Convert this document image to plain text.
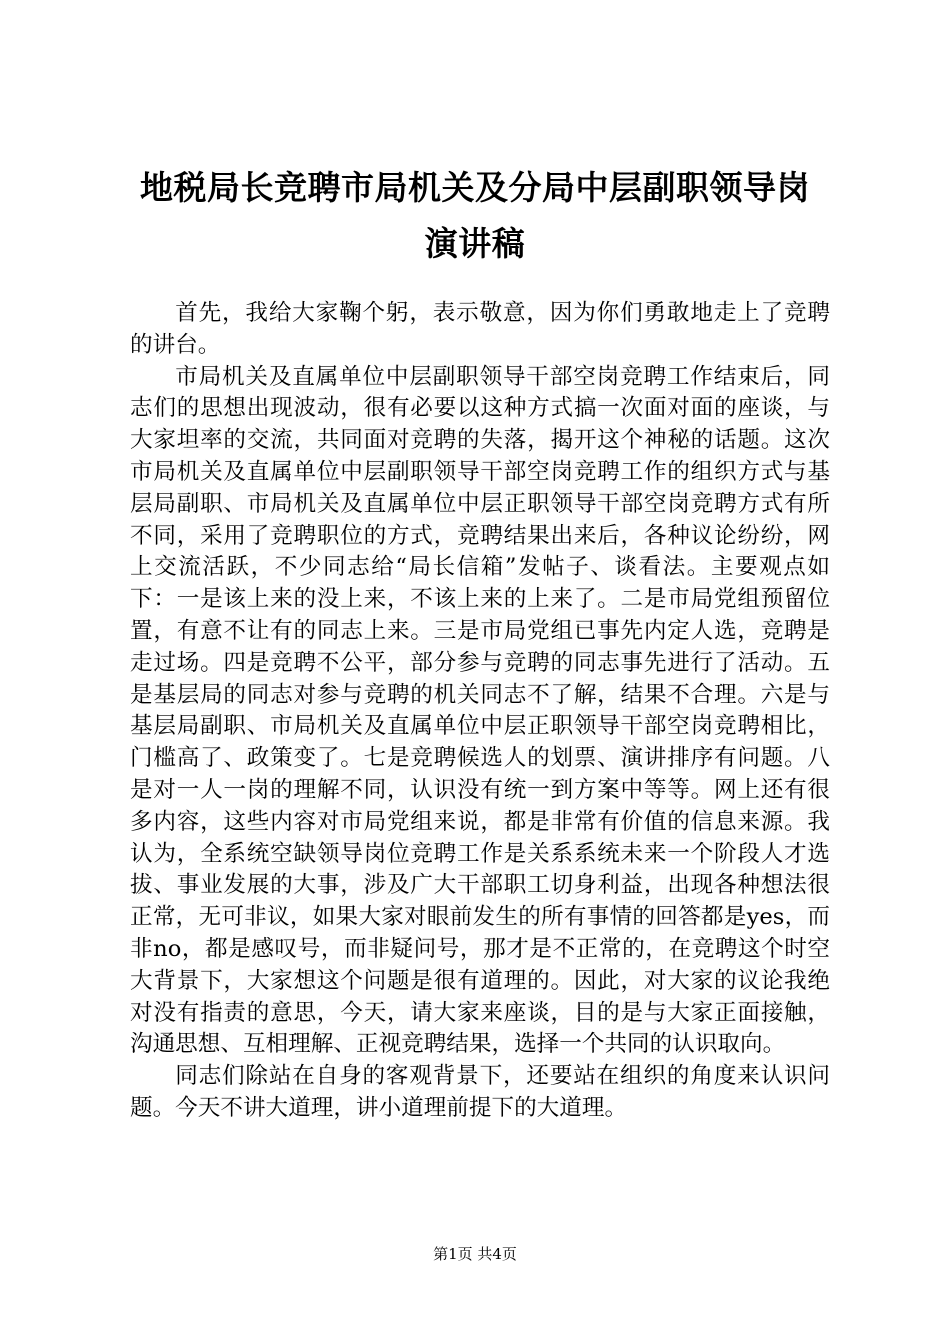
地税局长竞聘市局机关及分局中层副职领导岗
演讲稿

首先，我给大家鞠个躬，表示敬意，因为你们勇敢地走上了竞聘的讲台。

市局机关及直属单位中层副职领导干部空岗竞聘工作结束后，同志们的思想出现波动，很有必要以这种方式搞一次面对面的座谈，与大家坦率的交流，共同面对竞聘的失落，揭开这个神秘的话题。这次市局机关及直属单位中层副职领导干部空岗竞聘工作的组织方式与基层局副职、市局机关及直属单位中层正职领导干部空岗竞聘方式有所不同，采用了竞聘职位的方式，竞聘结果出来后，各种议论纷纷，网上交流活跃，不少同志给“局长信箱”发帖子、谈看法。主要观点如下：一是该上来的没上来，不该上来的上来了。二是市局党组预留位置，有意不让有的同志上来。三是市局党组已事先内定人选，竞聘是走过场。四是竞聘不公平，部分参与竞聘的同志事先进行了活动。五是基层局的同志对参与竞聘的机关同志不了解，结果不合理。六是与基层局副职、市局机关及直属单位中层正职领导干部空岗竞聘相比，门槛高了、政策变了。七是竞聘候选人的划票、演讲排序有问题。八是对一人一岗的理解不同，认识没有统一到方案中等等。网上还有很多内容，这些内容对市局党组来说，都是非常有价值的信息来源。我认为，全系统空缺领导岗位竞聘工作是关系系统未来一个阶段人才选拔、事业发展的大事，涉及广大干部职工切身利益，出现各种想法很正常，无可非议，如果大家对眼前发生的所有事情的回答都是yes，而非no，都是感叹号，而非疑问号，那才是不正常的，在竞聘这个时空大背景下，大家想这个问题是很有道理的。因此，对大家的议论我绝对没有指责的意思，今天，请大家来座谈，目的是与大家正面接触，沟通思想、互相理解、正视竞聘结果，选择一个共同的认识取向。

同志们除站在自身的客观背景下，还要站在组织的角度来认识问题。今天不讲大道理，讲小道理前提下的大道理。

第1页 共4页
